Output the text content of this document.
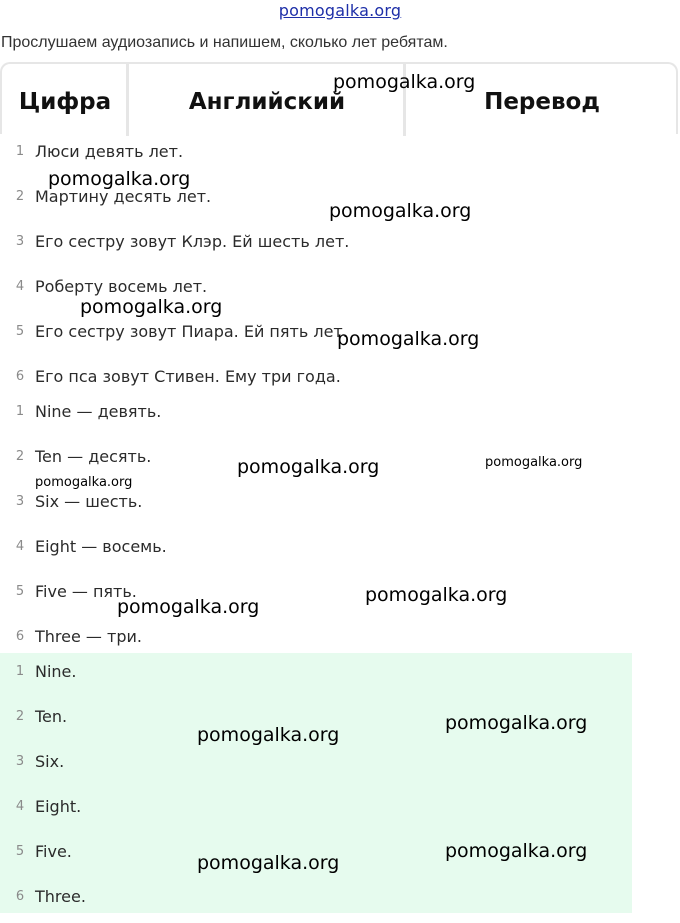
pomogalka.org
Прослушаем аудиозапись и напишем, сколько лет ребятам.
Цифра	Английский	Перевод
1 Люси девять лет.
2 Мартину десять лет.
3 Его сестру зовут Клэр. Ей шесть лет.
4 Роберту восемь лет.
5 Его сестру зовут Пиара. Ей пять лет.
6 Его пса зовут Стивен. Ему три года.
1 Nine — девять.
2 Ten — десять.
3 Six — шесть.
4 Eight — восемь.
5 Five — пять.
6 Three — три.
1 Nine.
2 Ten.
3 Six.
4 Eight.
5 Five.
6 Three.
pomogalka.org
pomogalka.org
pomogalka.org
pomogalka.org
pomogalka.org
pomogalka.org	pomogalka.org
pomogalka.org
pomogalka.org
pomogalka.org
pomogalka.org
pomogalka.org
pomogalka.org
pomogalka.org
